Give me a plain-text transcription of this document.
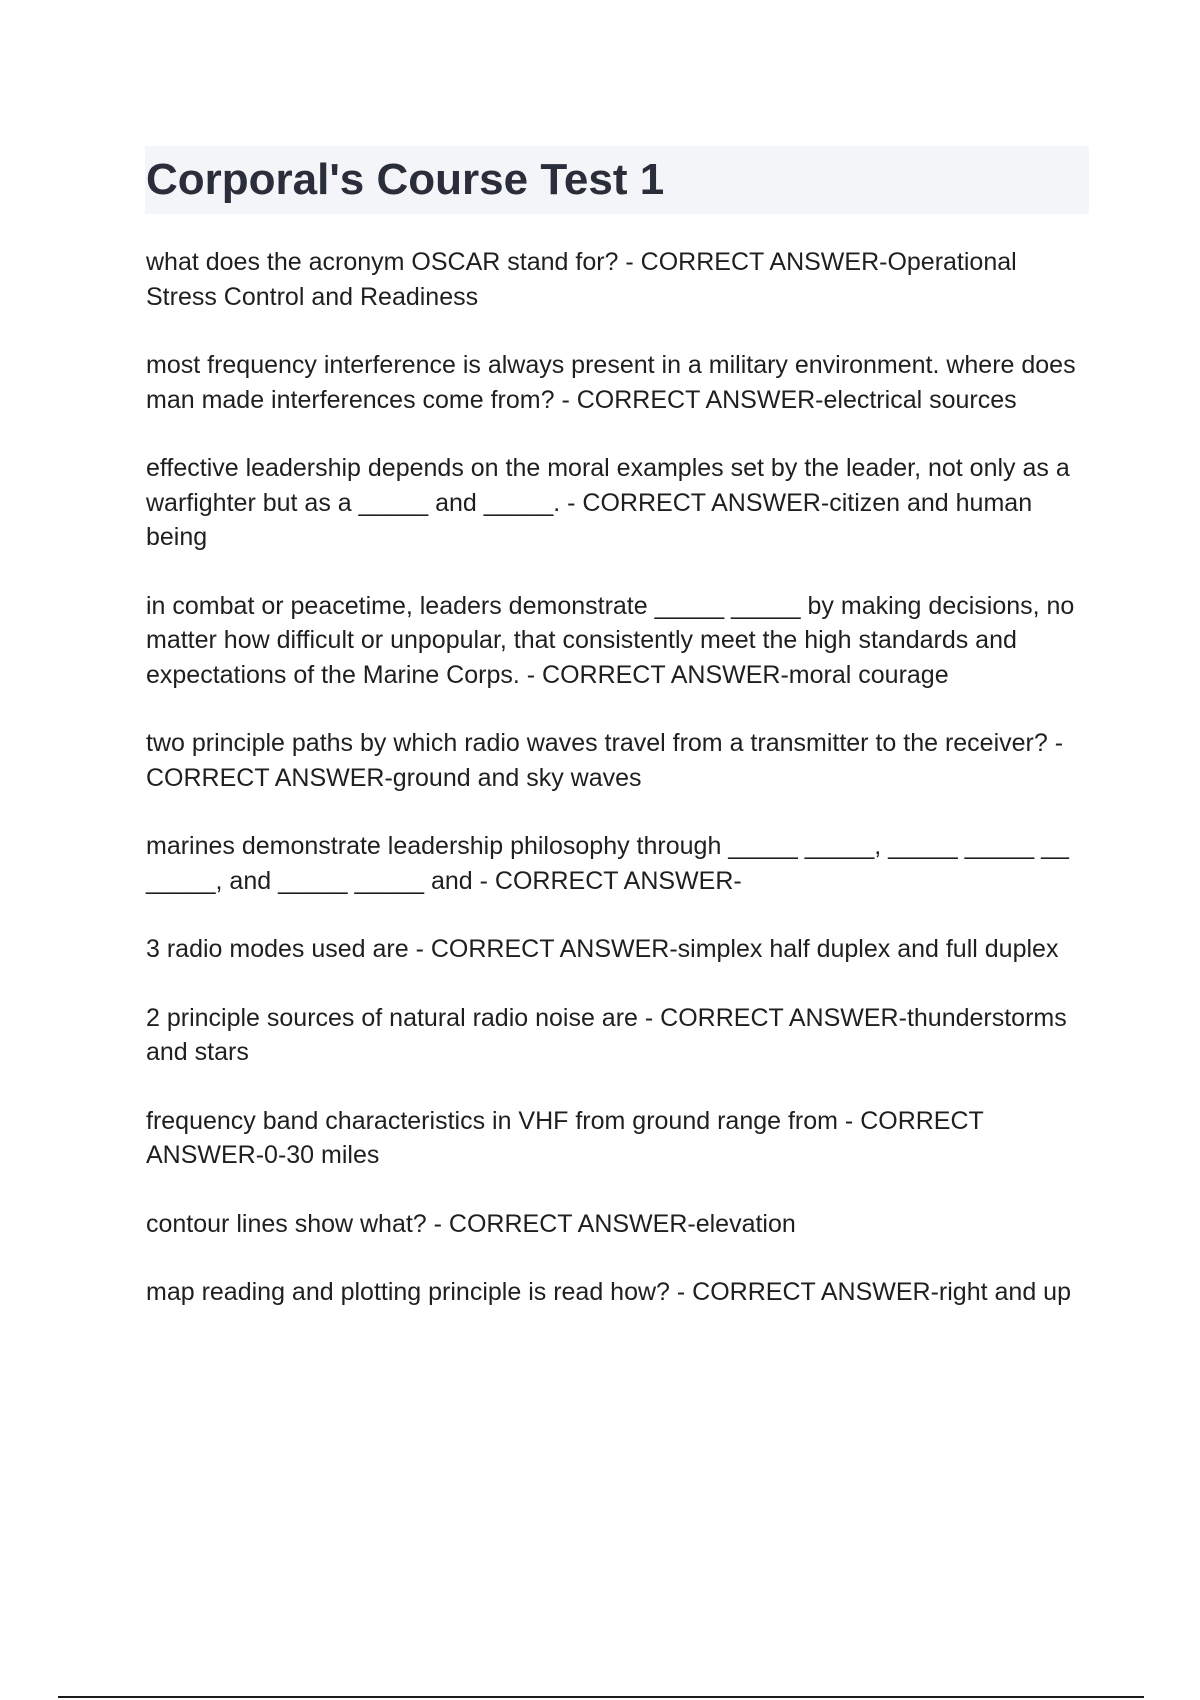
Corporal's Course Test 1

what does the acronym OSCAR stand for? - CORRECT ANSWER-Operational Stress Control and Readiness

most frequency interference is always present in a military environment. where does man made interferences come from? - CORRECT ANSWER-electrical sources

effective leadership depends on the moral examples set by the leader, not only as a warfighter but as a _____ and _____. - CORRECT ANSWER-citizen and human being

in combat or peacetime, leaders demonstrate _____ _____ by making decisions, no matter how difficult or unpopular, that consistently meet the high standards and expectations of the Marine Corps. - CORRECT ANSWER-moral courage

two principle paths by which radio waves travel from a transmitter to the receiver? - CORRECT ANSWER-ground and sky waves

marines demonstrate leadership philosophy through _____ _____, _____ _____ __ _____, and _____ _____ and - CORRECT ANSWER-

3 radio modes used are - CORRECT ANSWER-simplex half duplex and full duplex

2 principle sources of natural radio noise are - CORRECT ANSWER-thunderstorms and stars

frequency band characteristics in VHF from ground range from - CORRECT ANSWER-0-30 miles

contour lines show what? - CORRECT ANSWER-elevation

map reading and plotting principle is read how? - CORRECT ANSWER-right and up
